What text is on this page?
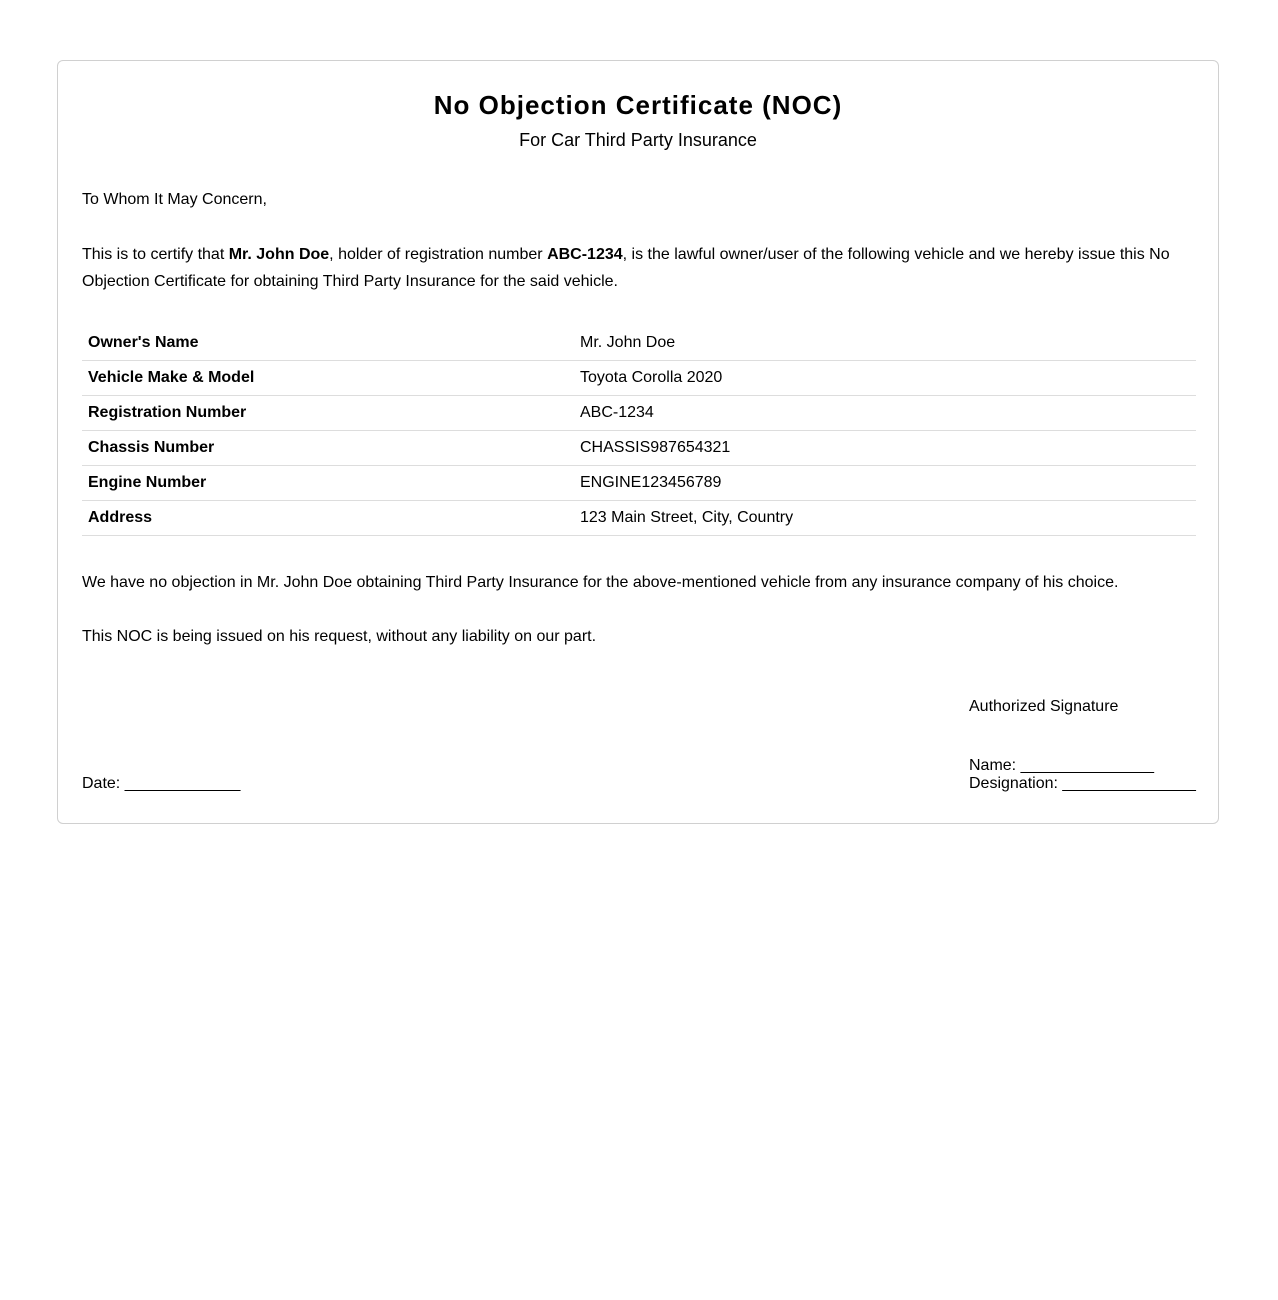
No Objection Certificate (NOC)
For Car Third Party Insurance
To Whom It May Concern,
This is to certify that Mr. John Doe, holder of registration number ABC-1234, is the lawful owner/user of the following vehicle and we hereby issue this No Objection Certificate for obtaining Third Party Insurance for the said vehicle.
Owner's Name	Mr. John Doe
Vehicle Make & Model	Toyota Corolla 2020
Registration Number	ABC-1234
Chassis Number	CHASSIS987654321
Engine Number	ENGINE123456789
Address	123 Main Street, City, Country
We have no objection in Mr. John Doe obtaining Third Party Insurance for the above-mentioned vehicle from any insurance company of his choice.
This NOC is being issued on his request, without any liability on our part.
Authorized Signature
Name: _______________
Designation: _______________
Date: _____________
